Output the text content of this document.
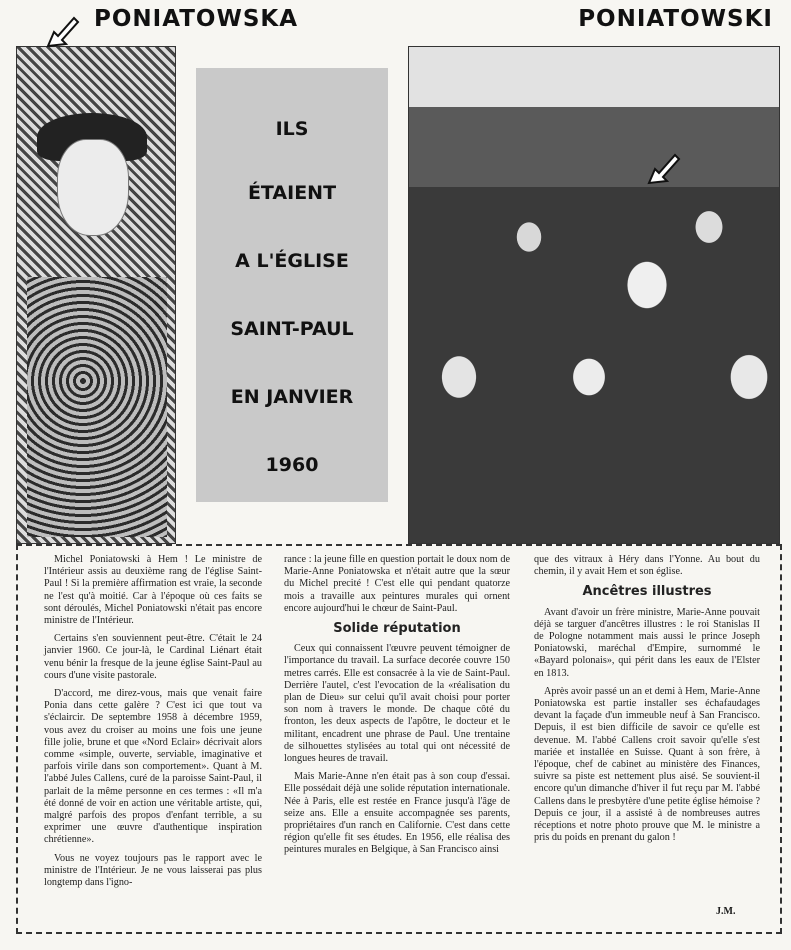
PONIATOWSKA	PONIATOWSKI
ILS
ÉTAIENT
A L'ÉGLISE
SAINT-PAUL
EN JANVIER
1960

Michel Poniatowski à Hem ! Le ministre de l'Intérieur assis au deuxième rang de l'église Saint-Paul ! Si la première affirmation est vraie, la seconde ne l'est qu'à moitié. Car à l'époque où ces faits se sont déroulés, Michel Poniatowski n'était pas encore ministre de l'Intérieur.

Certains s'en souviennent peut-être. C'était le 24 janvier 1960. Ce jour-là, le Cardinal Liénart était venu bénir la fresque de la jeune église Saint-Paul au cours d'une visite pastorale.

D'accord, me direz-vous, mais que venait faire Ponia dans cette galère ? C'est ici que tout va s'éclaircir. De septembre 1958 à décembre 1959, vous avez du croiser au moins une fois une jeune fille jolie, brune et que «Nord Eclair» décrivait alors comme «simple, ouverte, serviable, imaginative et parfois virile dans son comportement». Quant à M. l'abbé Jules Callens, curé de la paroisse Saint-Paul, il parlait de la même personne en ces termes : «Il m'a été donné de voir en action une véritable artiste, qui, malgré parfois des propos d'enfant terrible, a su exprimer une œuvre d'authentique inspiration chrétienne».

Vous ne voyez toujours pas le rapport avec le ministre de l'Intérieur. Je ne vous laisserai pas plus longtemp dans l'igno-

rance : la jeune fille en question portait le doux nom de Marie-Anne Poniatowska et n'était autre que la sœur du Michel precité ! C'est elle qui pendant quatorze mois a travaille aux peintures murales qui ornent encore aujourd'hui le chœur de Saint-Paul.

Solide réputation

Ceux qui connaissent l'œuvre peuvent témoigner de l'importance du travail. La surface decorée couvre 150 metres carrés. Elle est consacrée à la vie de Saint-Paul. Derrière l'autel, c'est l'evocation de la «réalisation du plan de Dieu» sur celui qu'il avait choisi pour porter son nom à travers le monde. De chaque côté du fronton, les deux aspects de l'apôtre, le docteur et le militant, encadrent une phrase de Paul. Une trentaine de silhouettes stylisées au total qui ont nécessité de longues heures de travail.

Mais Marie-Anne n'en était pas à son coup d'essai. Elle possédait déjà une solide réputation internationale. Née à Paris, elle est restée en France jusqu'à l'âge de seize ans. Elle a ensuite accompagnée ses parents, propriétaires d'un ranch en Californie. C'est dans cette région qu'elle fit ses études. En 1956, elle réalisa des peintures murales en Belgique, à San Francisco ainsi

que des vitraux à Héry dans l'Yonne. Au bout du chemin, il y avait Hem et son église.

Ancêtres illustres

Avant d'avoir un frère ministre, Marie-Anne pouvait déjà se targuer d'ancêtres illustres : le roi Stanislas II de Pologne notamment mais aussi le prince Joseph Poniatowski, maréchal d'Empire, surnommé le «Bayard polonais», qui périt dans les eaux de l'Elster en 1813.

Après avoir passé un an et demi à Hem, Marie-Anne Poniatowska est partie installer ses échafaudages devant la façade d'un immeuble neuf à San Francisco. Depuis, il est bien difficile de savoir ce qu'elle est devenue. M. l'abbé Callens croit savoir qu'elle s'est mariée et installée en Suisse. Quant à son frère, à l'époque, chef de cabinet au ministère des Finances, suivre sa piste est nettement plus aisé. Se souvient-il encore qu'un dimanche d'hiver il fut reçu par M. l'abbé Callens dans le presbytère d'une petite église hémoise ? Depuis ce jour, il a assisté à de nombreuses autres réceptions et notre photo prouve que M. le ministre a pris du poids en prenant du galon !

J.M.
